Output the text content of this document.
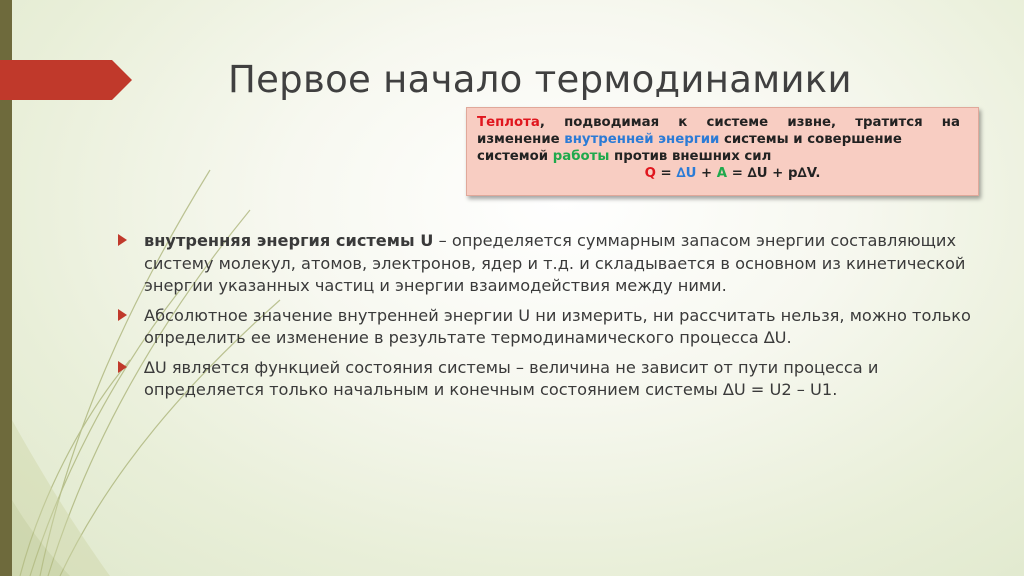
Первое начало термодинамики
Теплота, подводимая к системе извне, тратится на
изменение внутренней энергии системы и совершение
системой работы против внешних сил
Q = ∆U + A = ∆U + p∆V.
внутренняя энергия системы U – определяется суммарным запасом энергии составляющих систему молекул, атомов, электронов, ядер и т.д. и складывается в основном из кинетической энергии указанных частиц и энергии взаимодействия между ними.
Абсолютное значение внутренней энергии U ни измерить, ни рассчитать нельзя, можно только определить ее изменение в результате термодинамического процесса ∆U.
∆U является функцией состояния системы – величина не зависит от пути процесса и определяется только начальным и конечным состоянием системы ∆U = U2 – U1.
